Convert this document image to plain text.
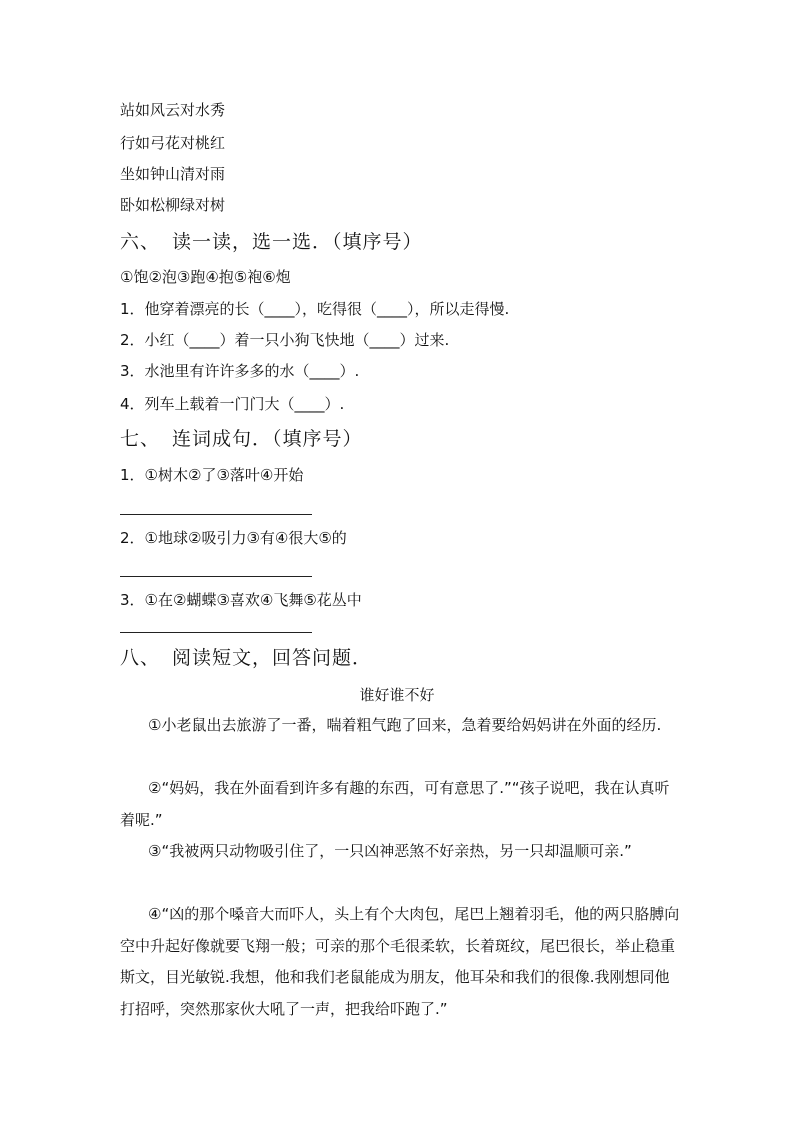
站如风云对水秀
行如弓花对桃红
坐如钟山清对雨
卧如松柳绿对树
六、 读一读，选一选．（填序号）
①饱②泡③跑④抱⑤袍⑥炮
1．他穿着漂亮的长（____），吃得很（____），所以走得慢.
2．小红（____）着一只小狗飞快地（____）过来.
3．水池里有许许多多的水（____）.
4．列车上载着一门门大（____）.
七、 连词成句．（填序号）
1．①树木②了③落叶④开始
2．①地球②吸引力③有④很大⑤的
3．①在②蝴蝶③喜欢④飞舞⑤花丛中
八、 阅读短文，回答问题．
谁好谁不好
①小老鼠出去旅游了一番，喘着粗气跑了回来，急着要给妈妈讲在外面的经历.
②“妈妈，我在外面看到许多有趣的东西，可有意思了.”“孩子说吧，我在认真听着呢.”
③“我被两只动物吸引住了，一只凶神恶煞不好亲热，另一只却温顺可亲.”
④“凶的那个嗓音大而吓人，头上有个大肉包，尾巴上翘着羽毛，他的两只胳膊向空中升起好像就要飞翔一般；可亲的那个毛很柔软，长着斑纹，尾巴很长，举止稳重斯文，目光敏锐.我想，他和我们老鼠能成为朋友，他耳朵和我们的很像.我刚想同他打招呼，突然那家伙大吼了一声，把我给吓跑了.”
